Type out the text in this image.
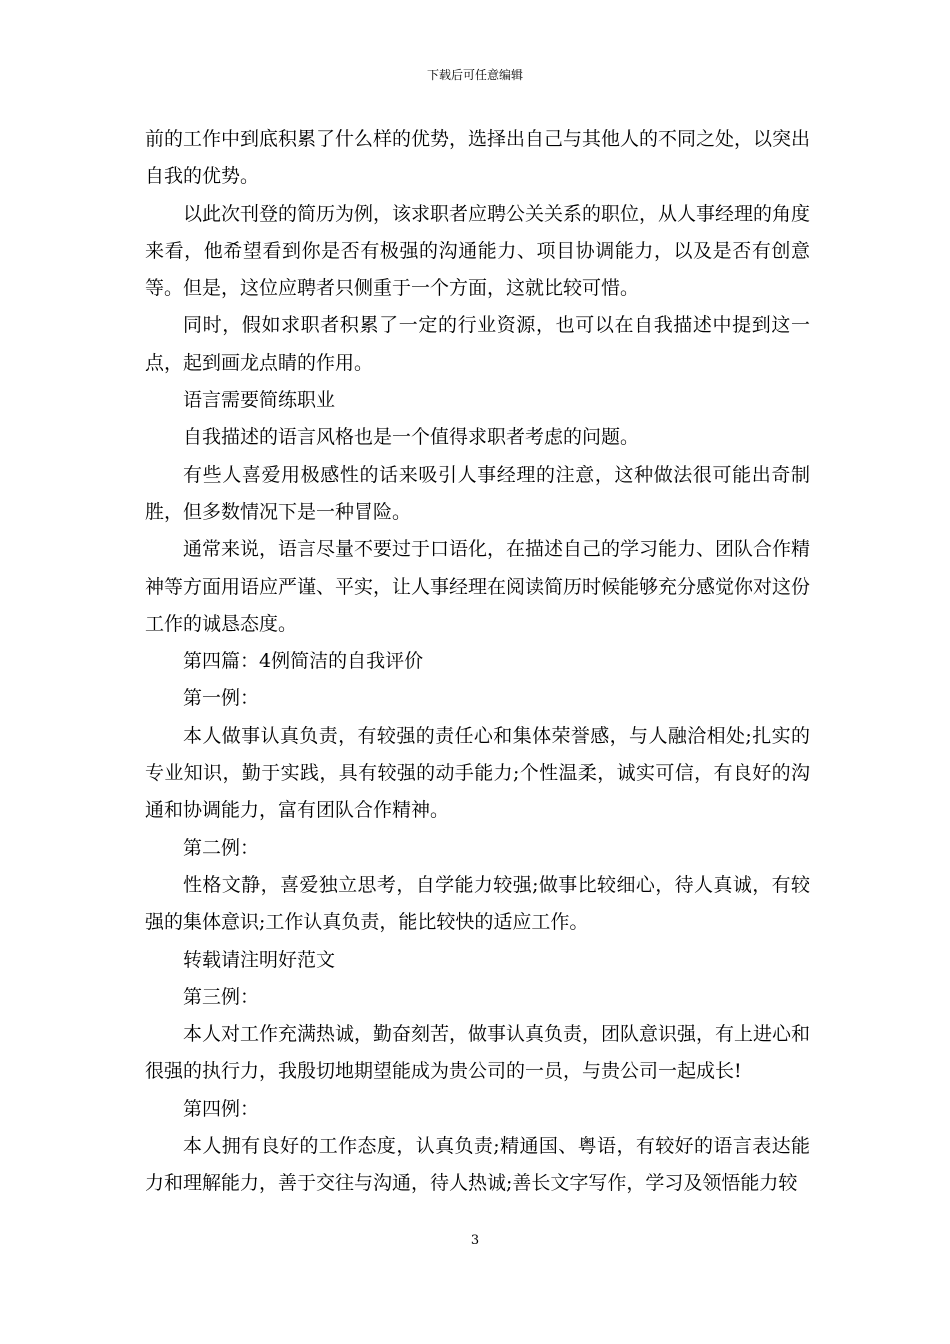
下载后可任意编辑

前的工作中到底积累了什么样的优势，选择出自己与其他人的不同之处，以突出自我的优势。

以此次刊登的简历为例，该求职者应聘公关关系的职位，从人事经理的角度来看，他希望看到你是否有极强的沟通能力、项目协调能力，以及是否有创意等。但是，这位应聘者只侧重于一个方面，这就比较可惜。

同时，假如求职者积累了一定的行业资源，也可以在自我描述中提到这一点，起到画龙点睛的作用。

语言需要简练职业

自我描述的语言风格也是一个值得求职者考虑的问题。

有些人喜爱用极感性的话来吸引人事经理的注意，这种做法很可能出奇制胜，但多数情况下是一种冒险。

通常来说，语言尽量不要过于口语化，在描述自己的学习能力、团队合作精神等方面用语应严谨、平实，让人事经理在阅读简历时候能够充分感觉你对这份工作的诚恳态度。

第四篇：4例简洁的自我评价

第一例：

本人做事认真负责，有较强的责任心和集体荣誉感，与人融洽相处;扎实的专业知识，勤于实践，具有较强的动手能力;个性温柔，诚实可信，有良好的沟通和协调能力，富有团队合作精神。

第二例：

性格文静，喜爱独立思考，自学能力较强;做事比较细心，待人真诚，有较强的集体意识;工作认真负责，能比较快的适应工作。

转载请注明好范文

第三例：

本人对工作充满热诚，勤奋刻苦，做事认真负责，团队意识强，有上进心和很强的执行力，我殷切地期望能成为贵公司的一员，与贵公司一起成长!

第四例：

本人拥有良好的工作态度，认真负责;精通国、粤语，有较好的语言表达能力和理解能力，善于交往与沟通，待人热诚;善长文字写作，学习及领悟能力较

3
